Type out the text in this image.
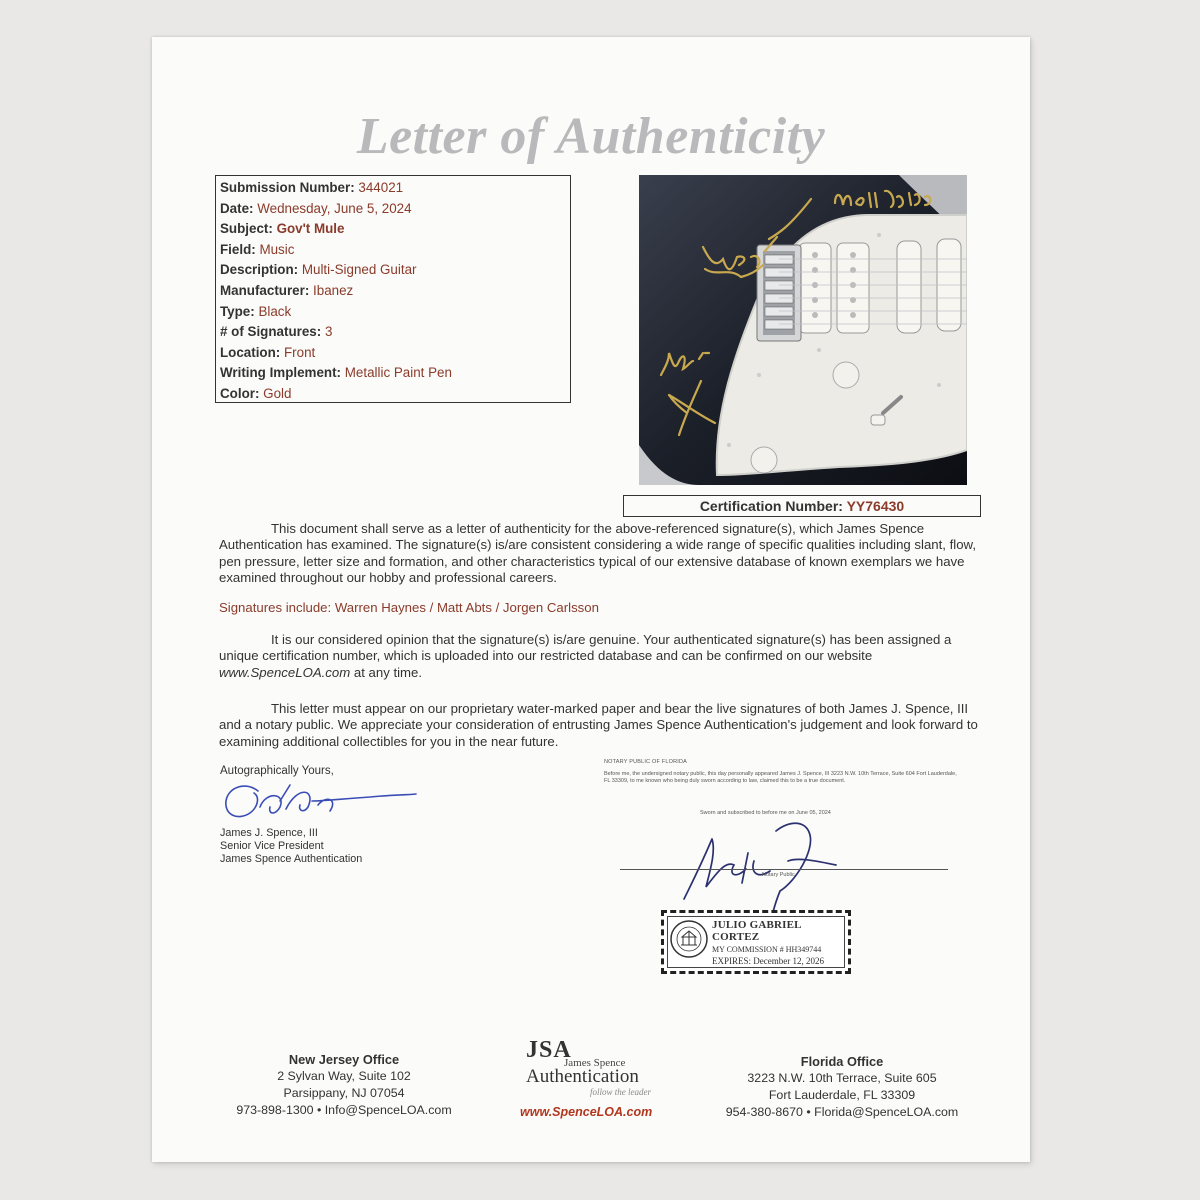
Letter of Authenticity
Submission Number: 344021
Date: Wednesday, June 5, 2024
Subject: Gov't Mule
Field: Music
Description: Multi-Signed Guitar
Manufacturer: Ibanez
Type: Black
# of Signatures: 3
Location: Front
Writing Implement: Metallic Paint Pen
Color: Gold
Certification Number: YY76430
This document shall serve as a letter of authenticity for the above-referenced signature(s), which James Spence Authentication has examined. The signature(s) is/are consistent considering a wide range of specific qualities including slant, flow, pen pressure, letter size and formation, and other characteristics typical of our extensive database of known exemplars we have examined throughout our hobby and professional careers.
Signatures include: Warren Haynes / Matt Abts / Jorgen Carlsson
It is our considered opinion that the signature(s) is/are genuine. Your authenticated signature(s) has been assigned a unique certification number, which is uploaded into our restricted database and can be confirmed on our website www.SpenceLOA.com at any time.
This letter must appear on our proprietary water-marked paper and bear the live signatures of both James J. Spence, III and a notary public. We appreciate your consideration of entrusting James Spence Authentication's judgement and look forward to examining additional collectibles for you in the near future.
Autographically Yours,
James J. Spence, III
Senior Vice President
James Spence Authentication
NOTARY PUBLIC OF FLORIDA
Before me, the undersigned notary public, this day personally appeared James J. Spence, III 3223 N.W. 10th Terrace, Suite 604 Fort Lauderdale, FL 33309, to me known who being duly sworn according to law, claimed this to be a true document.
Sworn and subscribed to before me on June 05, 2024
Notary Public
JULIO GABRIEL CORTEZ
MY COMMISSION # HH349744
EXPIRES: December 12, 2026
New Jersey Office
2 Sylvan Way, Suite 102
Parsippany, NJ 07054
973-898-1300 • Info@SpenceLOA.com
JSA
James Spence
Authentication
follow the leader
www.SpenceLOA.com
Florida Office
3223 N.W. 10th Terrace, Suite 605
Fort Lauderdale, FL 33309
954-380-8670 • Florida@SpenceLOA.com
